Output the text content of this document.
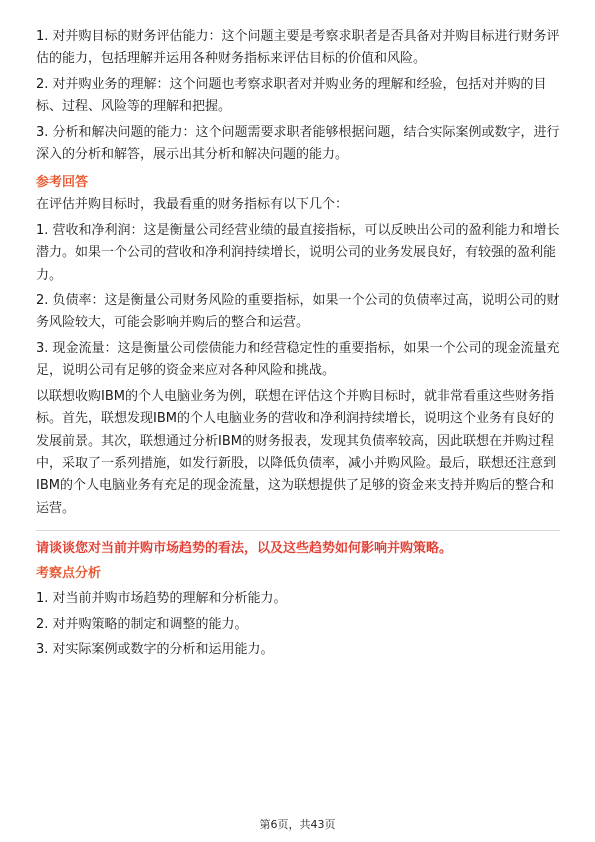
1. 对并购目标的财务评估能力：这个问题主要是考察求职者是否具备对并购目标进行财务评估的能力，包括理解并运用各种财务指标来评估目标的价值和风险。

2. 对并购业务的理解：这个问题也考察求职者对并购业务的理解和经验，包括对并购的目标、过程、风险等的理解和把握。

3. 分析和解决问题的能力：这个问题需要求职者能够根据问题，结合实际案例或数字，进行深入的分析和解答，展示出其分析和解决问题的能力。

参考回答

在评估并购目标时，我最看重的财务指标有以下几个：

1. 营收和净利润：这是衡量公司经营业绩的最直接指标，可以反映出公司的盈利能力和增长潜力。如果一个公司的营收和净利润持续增长，说明公司的业务发展良好，有较强的盈利能力。

2. 负债率：这是衡量公司财务风险的重要指标，如果一个公司的负债率过高，说明公司的财务风险较大，可能会影响并购后的整合和运营。

3. 现金流量：这是衡量公司偿债能力和经营稳定性的重要指标，如果一个公司的现金流量充足，说明公司有足够的资金来应对各种风险和挑战。

以联想收购IBM的个人电脑业务为例，联想在评估这个并购目标时，就非常看重这些财务指标。首先，联想发现IBM的个人电脑业务的营收和净利润持续增长，说明这个业务有良好的发展前景。其次，联想通过分析IBM的财务报表，发现其负债率较高，因此联想在并购过程中，采取了一系列措施，如发行新股，以降低负债率，减小并购风险。最后，联想还注意到IBM的个人电脑业务有充足的现金流量，这为联想提供了足够的资金来支持并购后的整合和运营。

请谈谈您对当前并购市场趋势的看法，以及这些趋势如何影响并购策略。

考察点分析

1. 对当前并购市场趋势的理解和分析能力。

2. 对并购策略的制定和调整的能力。

3. 对实际案例或数字的分析和运用能力。

第6页，共43页
